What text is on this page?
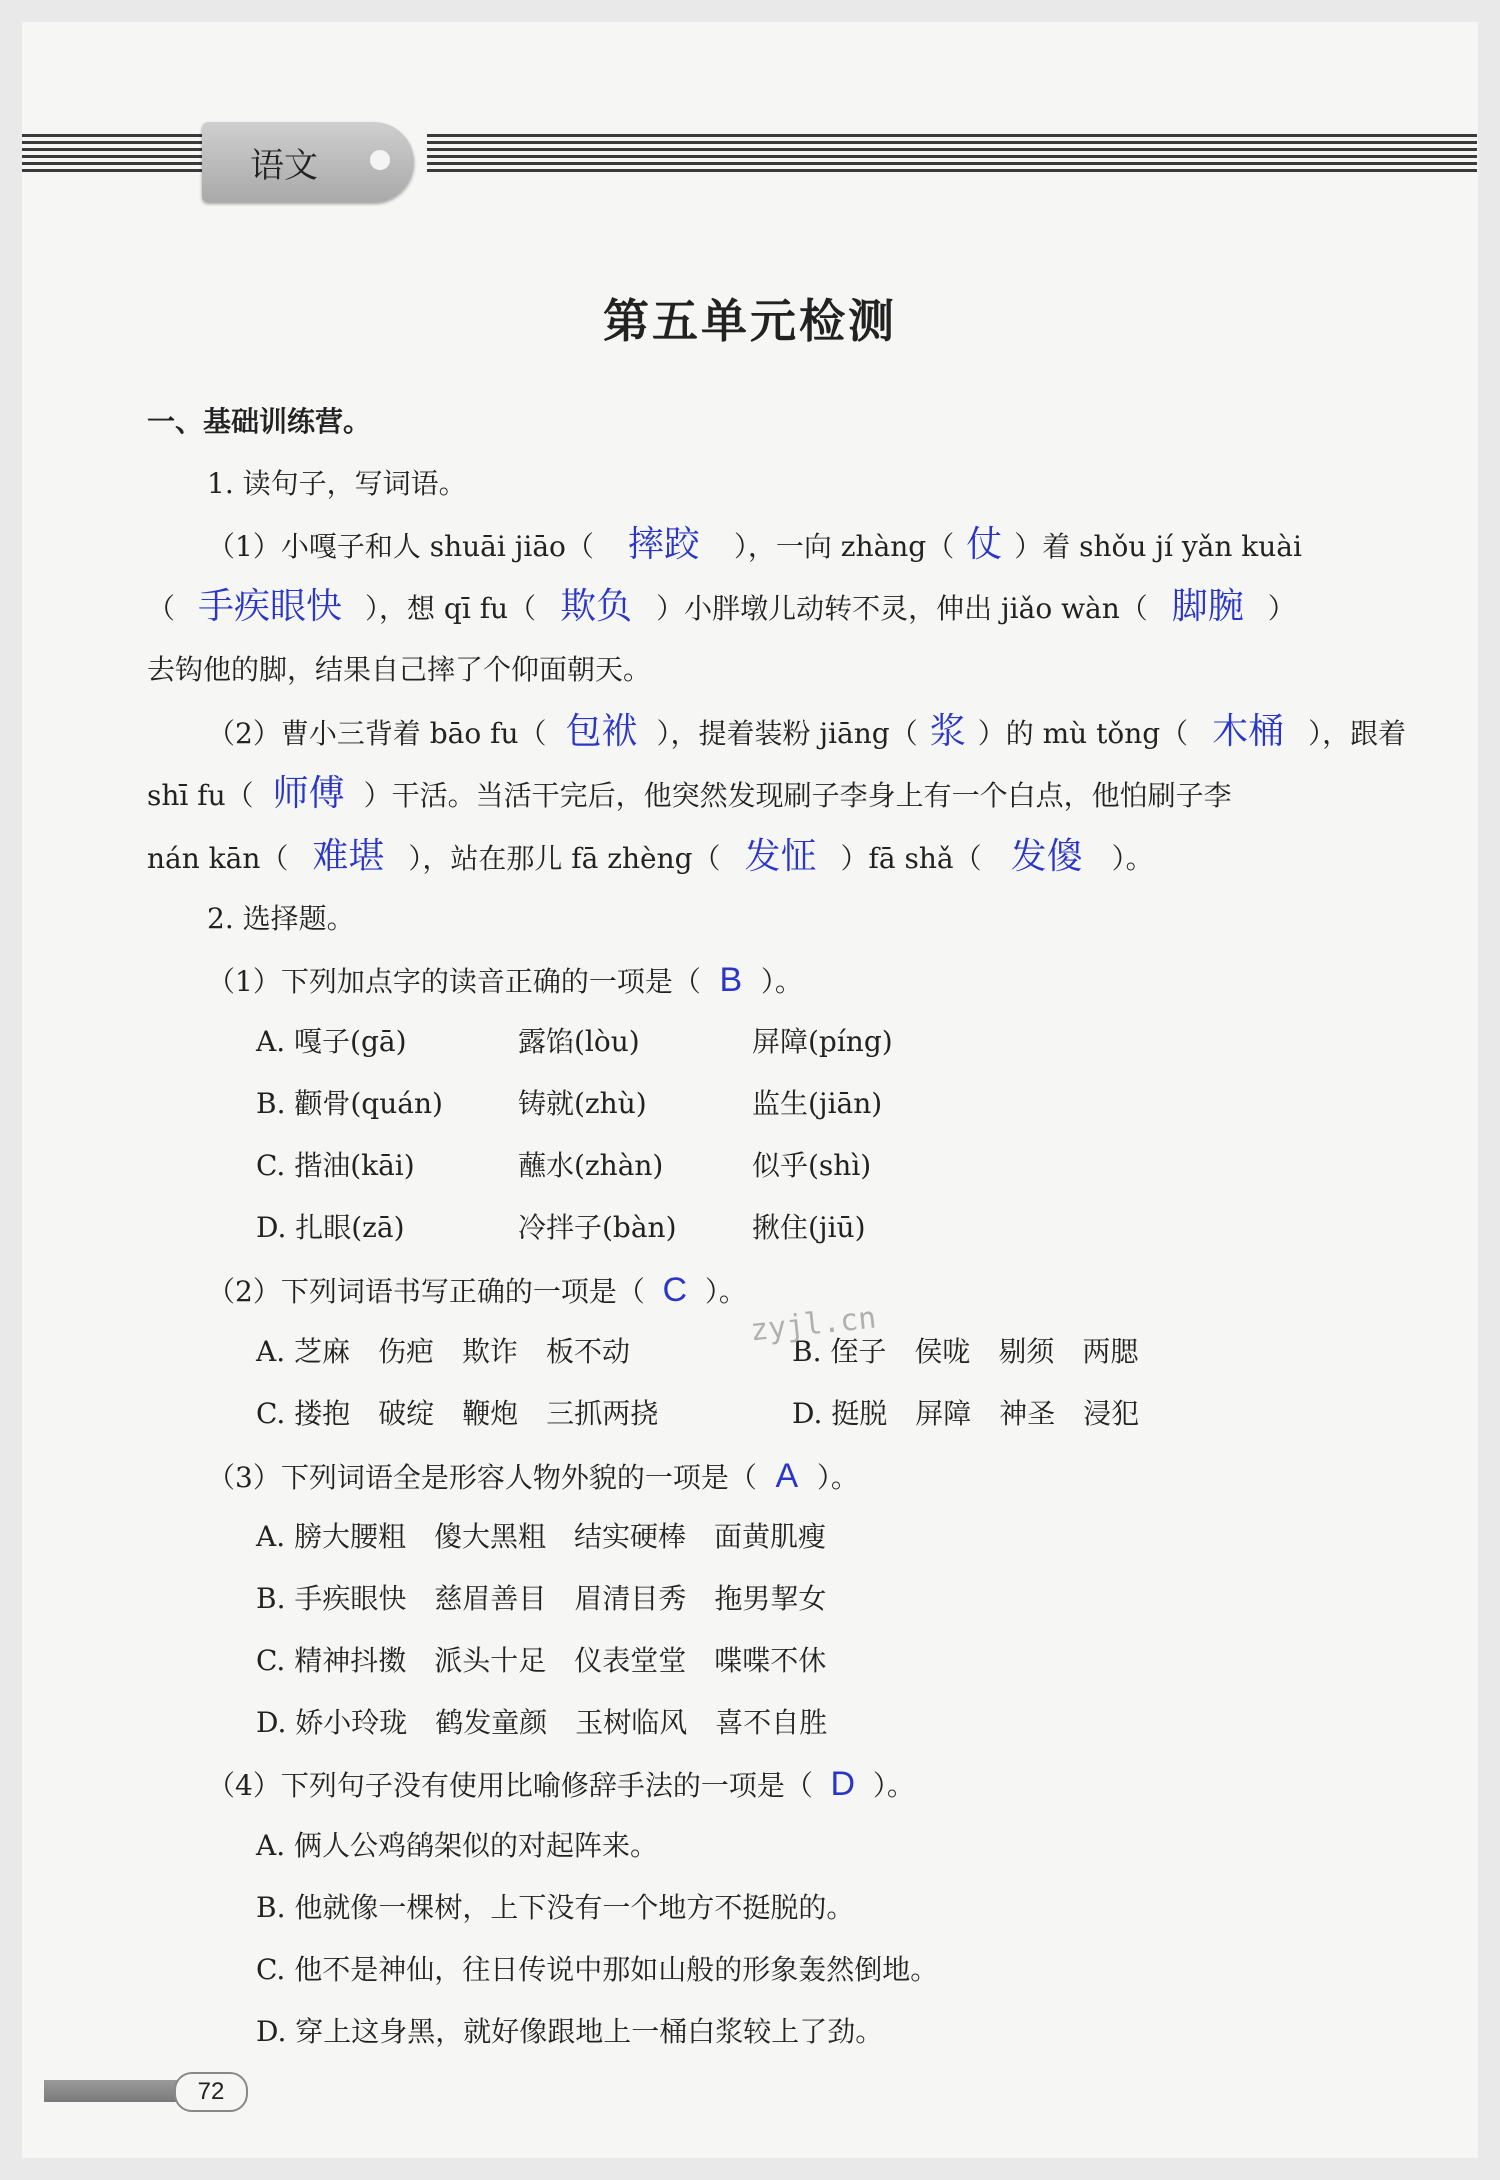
语文
第五单元检测
一、基础训练营。
1. 读句子，写词语。
（1）小嘎子和人 shuāi jiāo（ 摔跤 ），一向 zhàng（ 仗 ）着 shǒu jí yǎn kuài
（ 手疾眼快 ），想 qī fu（ 欺负 ）小胖墩儿动转不灵，伸出 jiǎo wàn（ 脚腕 ）
去钩他的脚，结果自己摔了个仰面朝天。
（2）曹小三背着 bāo fu（ 包袱 ），提着装粉 jiāng（ 浆 ）的 mù tǒng（ 木桶 ），跟着
shī fu（ 师傅 ）干活。当活干完后，他突然发现刷子李身上有一个白点，他怕刷子李
nán kān（ 难堪 ），站在那儿 fā zhèng（ 发怔 ）fā shǎ（ 发傻 ）。
2. 选择题。
（1）下列加点字的读音正确的一项是（ B ）。
A. 嘎子(gā)	露馅(lòu)	屏障(píng)
B. 颧骨(quán)	铸就(zhù)	监生(jiān)
C. 揩油(kāi)	蘸水(zhàn)	似乎(shì)
D. 扎眼(zā)	冷拌子(bàn)	揪住(jiū)
（2）下列词语书写正确的一项是（ C ）。
A. 芝麻　伤疤　欺诈　板不动	B. 侄子　侯咙　剔须　两腮
C. 搂抱　破绽　鞭炮　三抓两挠	D. 挺脱　屏障　神圣　浸犯
zyjl.cn
（3）下列词语全是形容人物外貌的一项是（ A ）。
A. 膀大腰粗　傻大黑粗　结实硬棒　面黄肌瘦
B. 手疾眼快　慈眉善目　眉清目秀　拖男挈女
C. 精神抖擞　派头十足　仪表堂堂　喋喋不休
D. 娇小玲珑　鹤发童颜　玉树临风　喜不自胜
（4）下列句子没有使用比喻修辞手法的一项是（ D ）。
A. 俩人公鸡鹐架似的对起阵来。
B. 他就像一棵树，上下没有一个地方不挺脱的。
C. 他不是神仙，往日传说中那如山般的形象轰然倒地。
D. 穿上这身黑，就好像跟地上一桶白浆较上了劲。
72
